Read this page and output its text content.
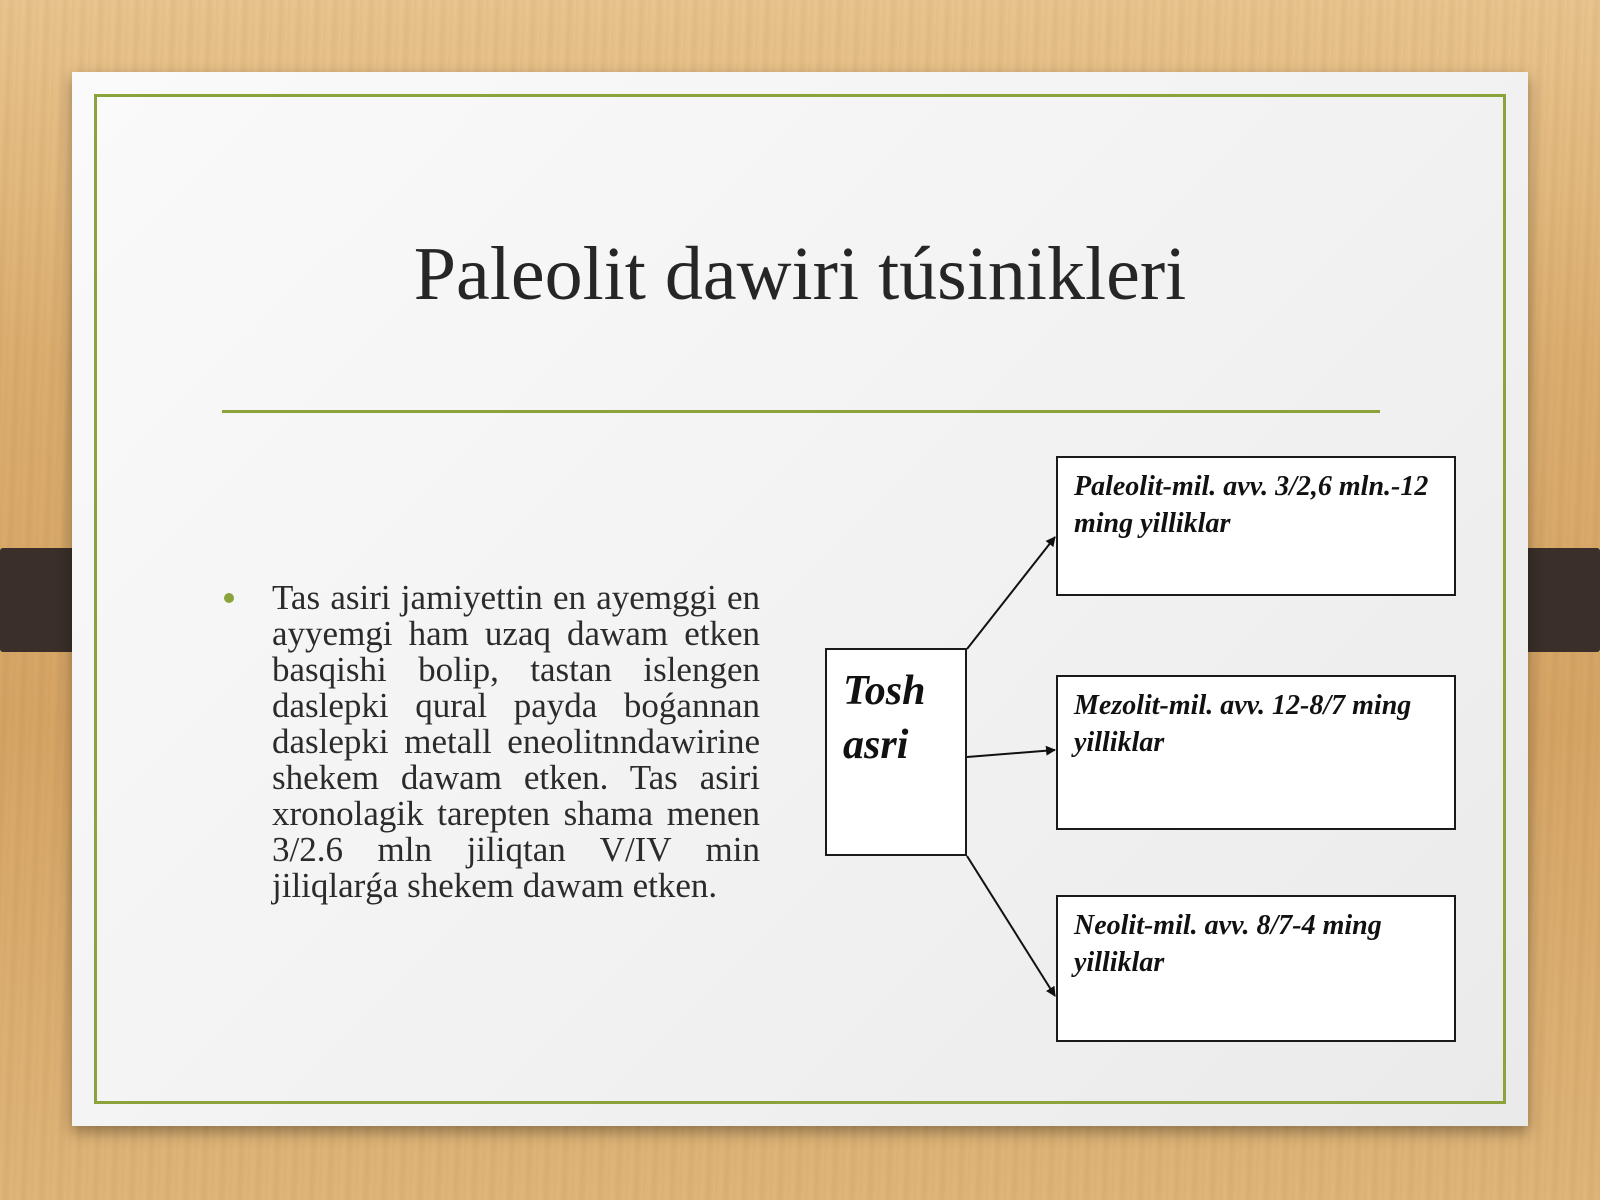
Paleolit dawiri túsinikleri
Tas asiri jamiyettin en ayemggi en ayyemgi ham uzaq dawam etken basqishi bolip, tastan islengen daslepki qural payda boǵannan daslepki metall eneolitnndawirine shekem dawam etken. Tas asiri xronolagik tarepten shama menen 3/2.6 mln jiliqtan V/IV min jiliqlarǵa shekem dawam etken.
Tosh asri
Paleolit-mil. avv. 3/2,6 mln.-12 ming yilliklar
Mezolit-mil. avv. 12-8/7 ming yilliklar
Neolit-mil. avv. 8/7-4 ming yilliklar
